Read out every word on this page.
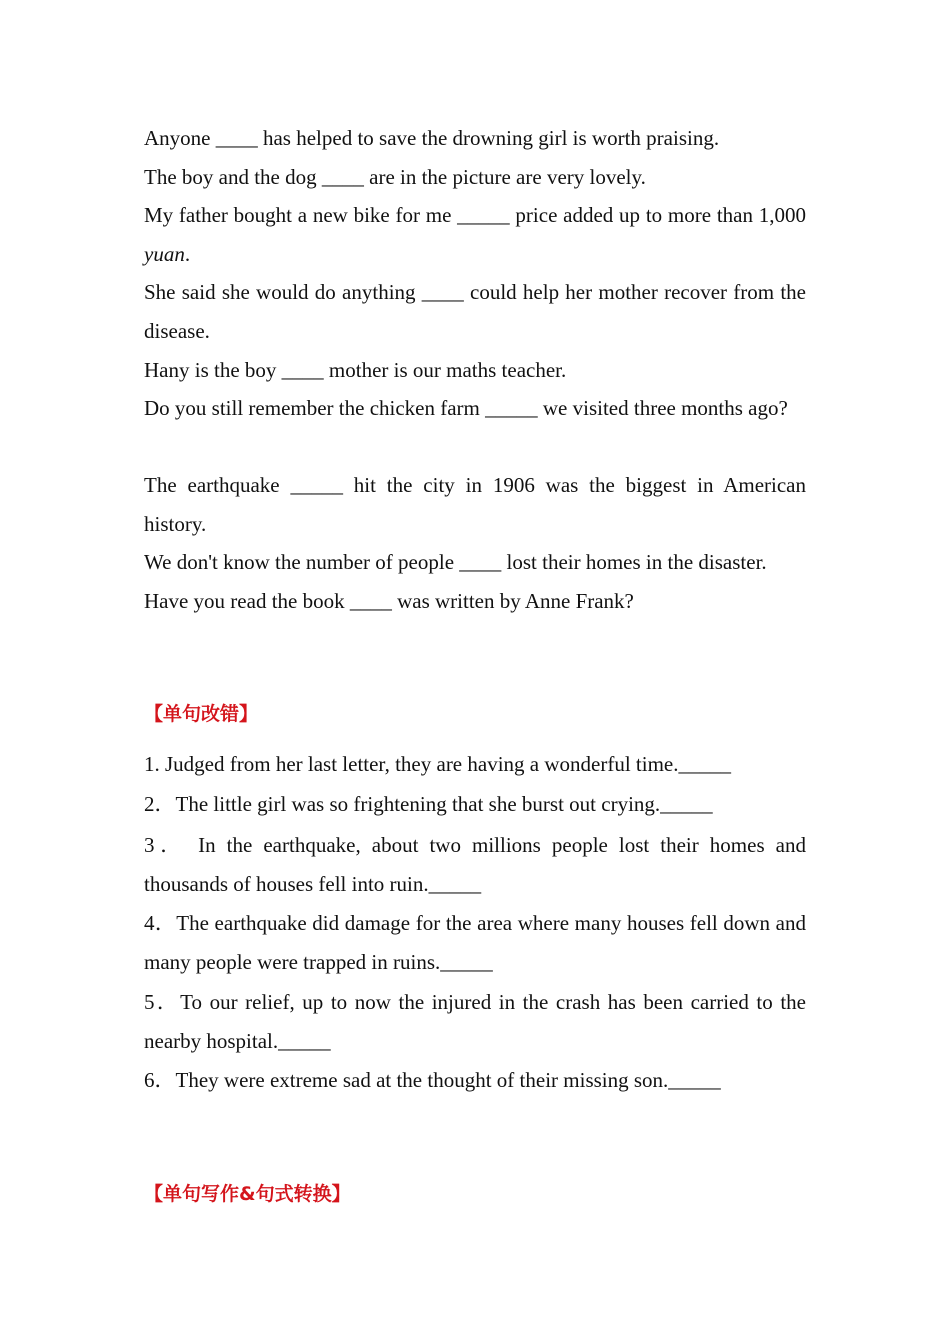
Anyone ____ has helped to save the drowning girl is worth praising.

The boy and the dog ____ are in the picture are very lovely.

My father bought a new bike for me _____ price added up to more than 1,000 yuan.

She said she would do anything ____ could help her mother recover from the disease.

Hany is the boy ____ mother is our maths teacher.

Do you still remember the chicken farm _____ we visited three months ago?

The earthquake _____ hit the city in 1906 was the biggest in American history.

We don't know the number of people ____ lost their homes in the disaster.

Have you read the book ____ was written by Anne Frank?

【单句改错】

1. Judged from her last letter, they are having a wonderful time._____

2．The little girl was so frightening that she burst out crying._____

3． In the earthquake, about two millions people lost their homes and thousands of houses fell into ruin._____

4．The earthquake did damage for the area where many houses fell down and many people were trapped in ruins._____

5．To our relief, up to now the injured in the crash has been carried to the nearby hospital._____

6．They were extreme sad at the thought of their missing son._____

【单句写作&句式转换】
